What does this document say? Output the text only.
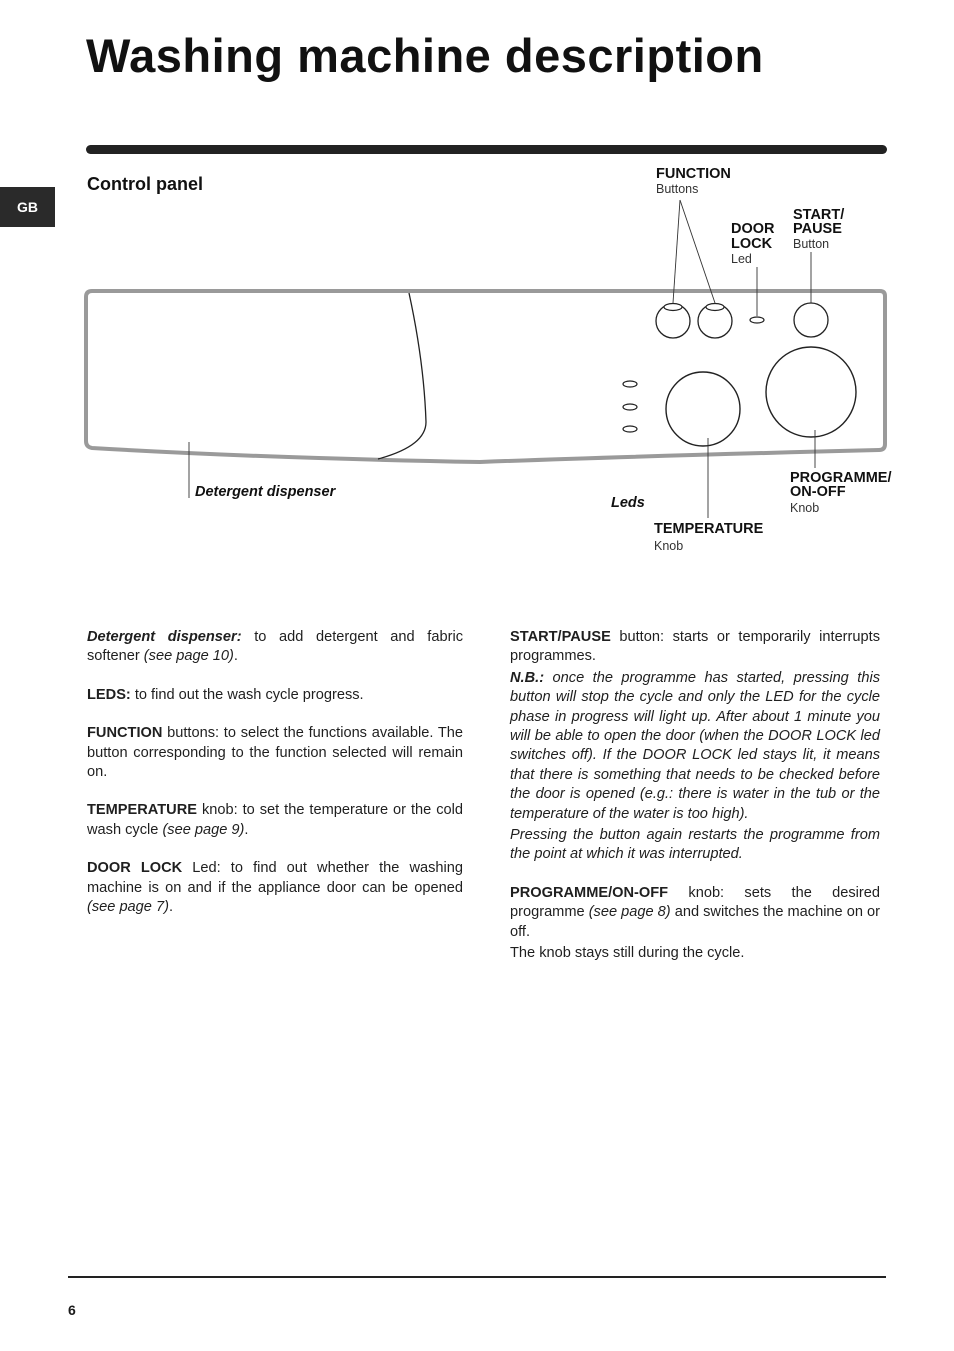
Washing machine description
GB
Control panel	FUNCTION
Buttons
DOOR
LOCK
Led
START/
PAUSE
Button
Detergent dispenser
Leds
PROGRAMME/
ON-OFF
Knob
TEMPERATURE
Knob

Detergent dispenser: to add detergent and fabric softener (see page 10).

LEDS: to find out the wash cycle progress.

FUNCTION buttons: to select the functions available. The button corresponding to the function selected will remain on.

TEMPERATURE knob: to set the temperature or the cold wash cycle (see page 9).

DOOR LOCK Led: to find out whether the washing machine is on and if the appliance door can be opened (see page 7).

START/PAUSE button: starts or temporarily interrupts programmes.

N.B.: once the programme has started, pressing this button will stop the cycle and only the LED for the cycle phase in progress will light up. After about 1 minute you will be able to open the door (when the DOOR LOCK led switches off). If the DOOR LOCK led stays lit, it means that there is something that needs to be checked before the door is opened (e.g.: there is water in the tub or the temperature of the water is too high).

Pressing the button again restarts the programme from the point at which it was interrupted.

PROGRAMME/ON-OFF knob: sets the desired programme (see page 8) and switches the machine on or off.

The knob stays still during the cycle.

6
